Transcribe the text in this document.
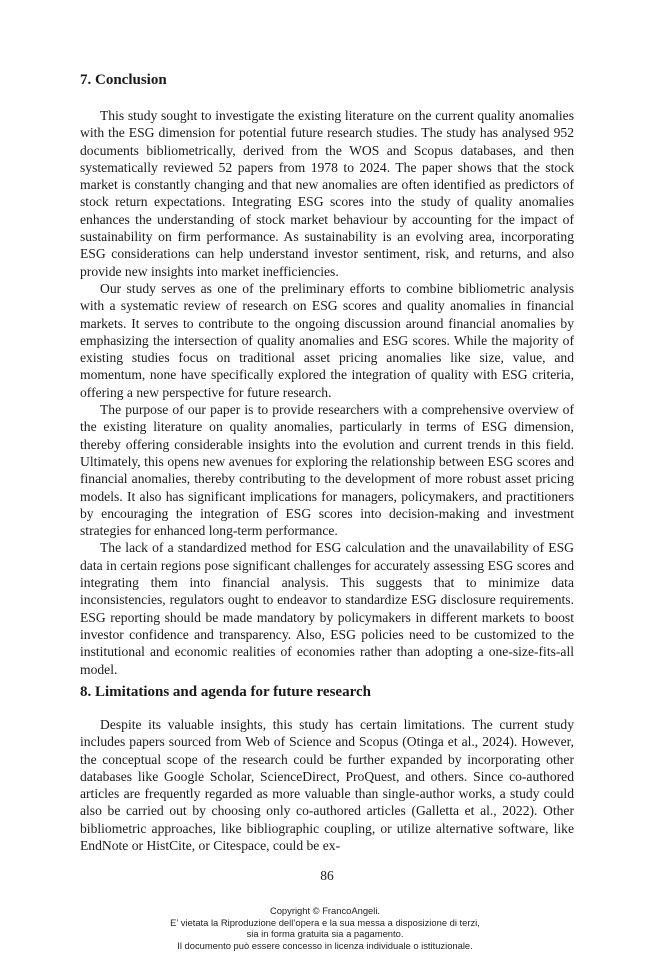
7. Conclusion

This study sought to investigate the existing literature on the current quality anomalies with the ESG dimension for potential future research studies. The study has analysed 952 documents bibliometrically, derived from the WOS and Scopus databases, and then systematically reviewed 52 papers from 1978 to 2024. The paper shows that the stock market is constantly changing and that new anomalies are often identified as predictors of stock return expectations. Integrating ESG scores into the study of quality anomalies enhances the understanding of stock market behaviour by accounting for the impact of sustainability on firm performance. As sustainability is an evolving area, incorporating ESG considerations can help understand investor sentiment, risk, and returns, and also provide new insights into market inefficiencies.

Our study serves as one of the preliminary efforts to combine bibliometric analysis with a systematic review of research on ESG scores and quality anomalies in financial markets. It serves to contribute to the ongoing discussion around financial anomalies by emphasizing the intersection of quality anomalies and ESG scores. While the majority of existing studies focus on traditional asset pricing anomalies like size, value, and momentum, none have specifically explored the integration of quality with ESG criteria, offering a new perspective for future research.

The purpose of our paper is to provide researchers with a comprehensive overview of the existing literature on quality anomalies, particularly in terms of ESG dimension, thereby offering considerable insights into the evolution and current trends in this field. Ultimately, this opens new avenues for exploring the relationship between ESG scores and financial anomalies, thereby contributing to the development of more robust asset pricing models. It also has significant implications for managers, policymakers, and practitioners by encouraging the integration of ESG scores into decision-making and investment strategies for enhanced long-term performance.

The lack of a standardized method for ESG calculation and the unavailability of ESG data in certain regions pose significant challenges for accurately assessing ESG scores and integrating them into financial analysis. This suggests that to minimize data inconsistencies, regulators ought to endeavor to standardize ESG disclosure requirements. ESG reporting should be made mandatory by policymakers in different markets to boost investor confidence and transparency. Also, ESG policies need to be customized to the institutional and economic realities of economies rather than adopting a one-size-fits-all model.

8. Limitations and agenda for future research

Despite its valuable insights, this study has certain limitations. The current study includes papers sourced from Web of Science and Scopus (Otinga et al., 2024). However, the conceptual scope of the research could be further expanded by incorporating other databases like Google Scholar, ScienceDirect, ProQuest, and others. Since co-authored articles are frequently regarded as more valuable than single-author works, a study could also be carried out by choosing only co-authored articles (Galletta et al., 2022). Other bibliometric approaches, like bibliographic coupling, or utilize alternative software, like EndNote or HistCite, or Citespace, could be ex-

86
Copyright © FrancoAngeli.
E’ vietata la Riproduzione dell’opera e la sua messa a disposizione di terzi,
sia in forma gratuita sia a pagamento.
Il documento può essere concesso in licenza individuale o istituzionale.
